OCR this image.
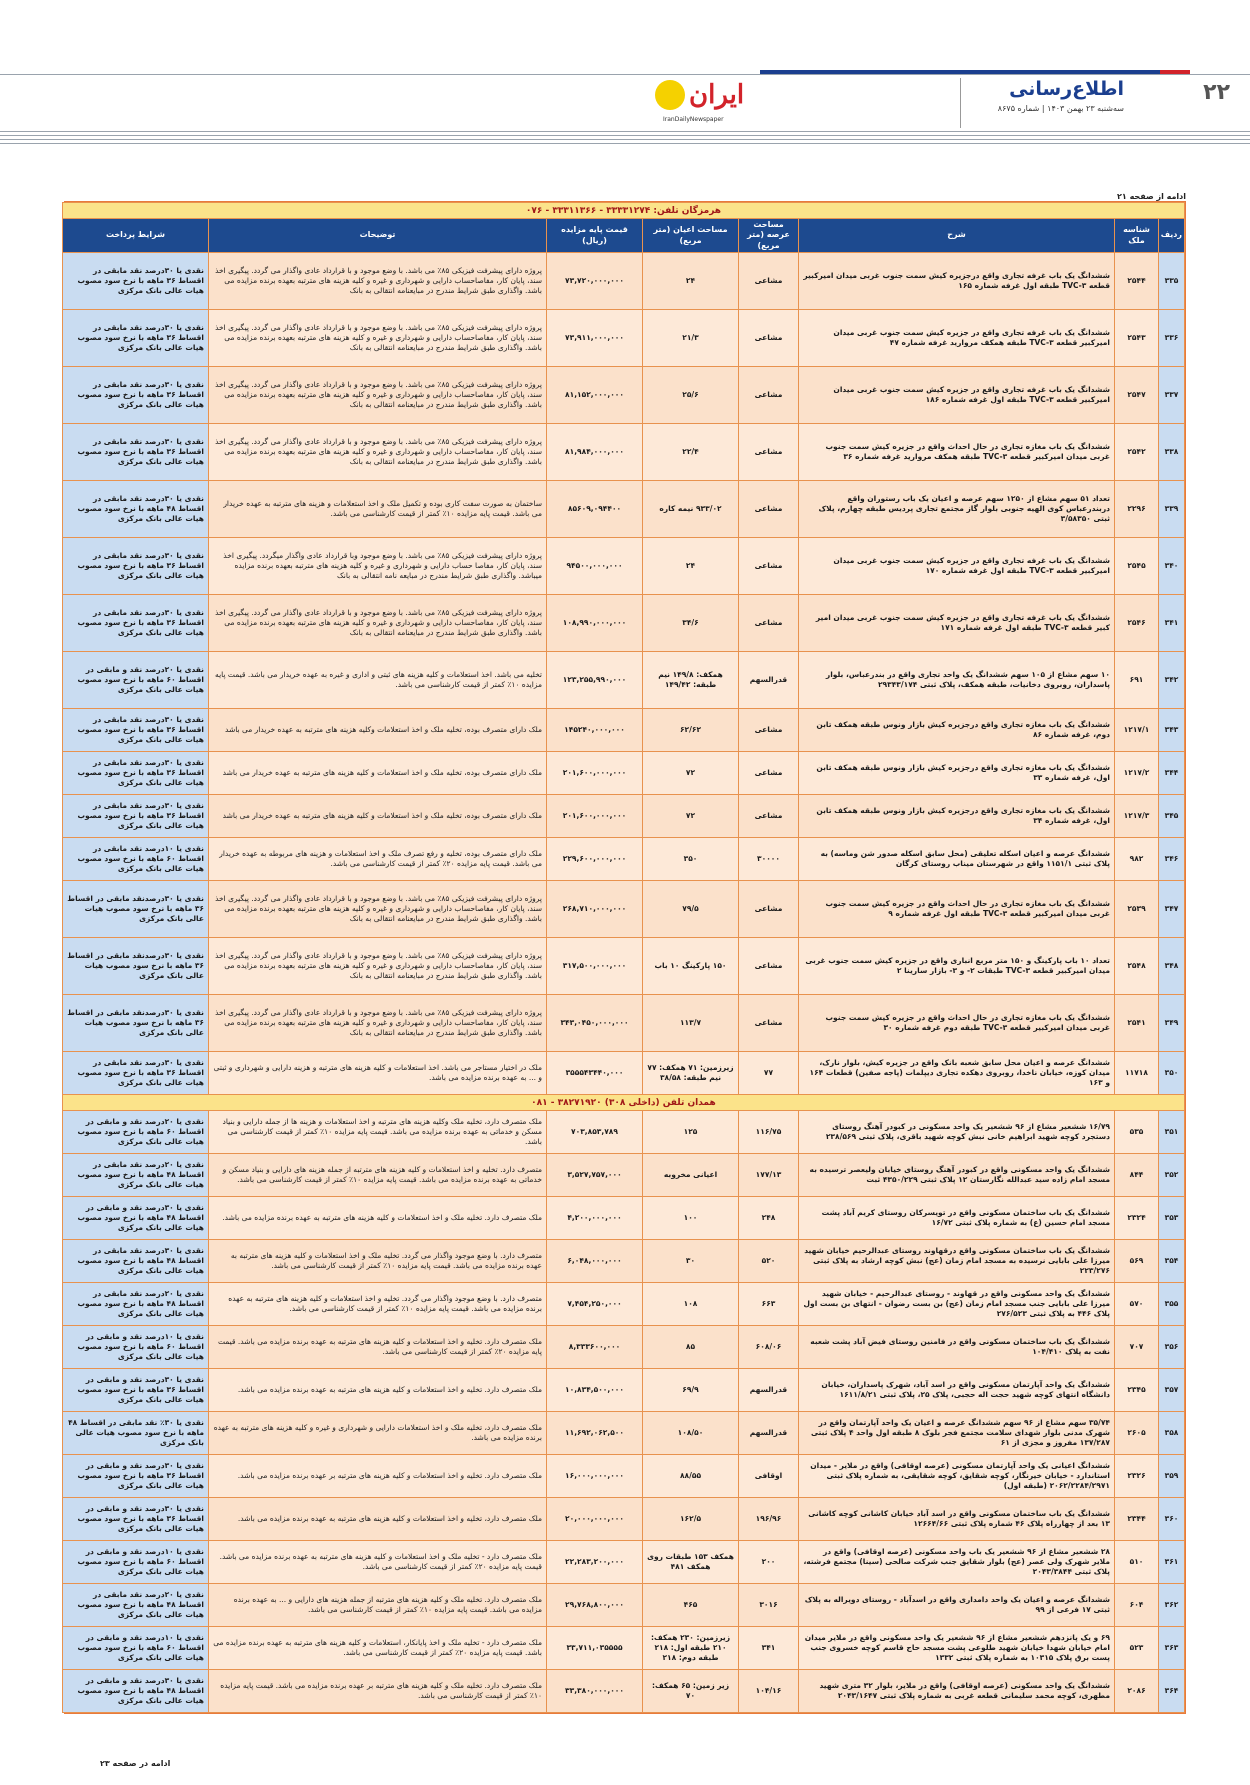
۲۲
اطلاع‌رسانی
سه‌شنبه ۲۳ بهمن ۱۴۰۳ | شماره ۸۶۷۵
ایران
IranDailyNewspaper
ادامه از صفحه ۲۱
هرمزگان تلفن: ۳۳۳۳۱۲۷۴ - ۳۳۳۱۱۳۶۶ - ۰۷۶							
ردیف	شناسه ملک	شرح	مساحت عرصه (متر مربع)	مساحت اعیان (متر مربع)	قیمت پایه مزایده (ریال)	توضیحات	شرایط پرداخت
۳۳۵	۲۵۴۴	ششدانگ یک باب غرفه تجاری واقع درجزیره کیش سمت جنوب غربی میدان امیرکبیر قطعه TVC-۳ طبقه اول غرفه شماره ۱۶۵	مشاعی	۲۴	۷۳,۷۲۰,۰۰۰,۰۰۰	پروژه دارای پیشرفت فیزیکی ۸۵٪ می باشد. با وضع موجود و با قرارداد عادی واگذار می گردد. پیگیری اخذ سند، پایان کار، مفاصاحساب دارایی و شهرداری و غیره و کلیه هزینه های مترتبه بعهده برنده مزایده می باشد. واگذاری طبق شرایط مندرج در مبایعنامه انتقالی به بانک	نقدی یا ۳۰درصد نقد مابقی در اقساط ۳۶ ماهه با نرخ سود مصوب هیات عالی بانک مرکزی
۳۳۶	۲۵۴۳	ششدانگ یک باب غرفه تجاری واقع در جزیره کیش سمت جنوب غربی میدان امیرکبیر قطعه TVC-۳ طبقه همکف مروارید غرفه شماره ۴۷	مشاعی	۲۱/۳	۷۳,۹۱۱,۰۰۰,۰۰۰	پروژه دارای پیشرفت فیزیکی ۸۵٪ می باشد. با وضع موجود و با قرارداد عادی واگذار می گردد. پیگیری اخذ سند، پایان کار، مفاصاحساب دارایی و شهرداری و غیره و کلیه هزینه های مترتبه بعهده برنده مزایده می باشد. واگذاری طبق شرایط مندرج در مبایعنامه انتقالی به بانک	نقدی یا ۳۰درصد نقد مابقی در اقساط ۳۶ ماهه با نرخ سود مصوب هیات عالی بانک مرکزی
۳۳۷	۲۵۴۷	ششدانگ یک باب غرفه تجاری واقع در جزیره کیش سمت جنوب غربی میدان امیرکبیر قطعه TVC-۳ طبقه اول غرفه شماره ۱۸۶	مشاعی	۲۵/۶	۸۱,۱۵۲,۰۰۰,۰۰۰	پروژه دارای پیشرفت فیزیکی ۸۵٪ می باشد. با وضع موجود و با قرارداد عادی واگذار می گردد. پیگیری اخذ سند، پایان کار، مفاصاحساب دارایی و شهرداری و غیره و کلیه هزینه های مترتبه بعهده برنده مزایده می باشد. واگذاری طبق شرایط مندرج در مبایعنامه انتقالی به بانک	نقدی یا ۳۰درصد نقد مابقی در اقساط ۳۶ ماهه با نرخ سود مصوب هیات عالی بانک مرکزی
۳۳۸	۲۵۴۲	ششدانگ یک باب مغازه تجاری در حال احداث واقع در جزیره کیش سمت جنوب غربی میدان امیرکبیر قطعه TVC-۳ طبقه همکف مروارید غرفه شماره ۳۶	مشاعی	۲۲/۴	۸۱,۹۸۴,۰۰۰,۰۰۰	پروژه دارای پیشرفت فیزیکی ۸۵٪ می باشد. با وضع موجود و با قرارداد عادی واگذار می گردد. پیگیری اخذ سند، پایان کار، مفاصاحساب دارایی و شهرداری و غیره و کلیه هزینه های مترتبه بعهده برنده مزایده می باشد. واگذاری طبق شرایط مندرج در مبایعنامه انتقالی به بانک	نقدی یا ۳۰درصد نقد مابقی در اقساط ۳۶ ماهه با نرخ سود مصوب هیات عالی بانک مرکزی
۳۳۹	۲۲۹۶	تعداد ۵۱ سهم مشاع از ۱۲۵۰ سهم عرصه و اعیان یک باب رستوران واقع دربندرعباس کوی الهیه جنوبی بلوار گاز مجتمع تجاری پردیس طبقه چهارم، پلاک ثبتی ۳/۵۸۳۵۰	مشاعی	۹۳۳/۰۲ نیمه کاره	۸۵۶۰۹,۰۹۴۴۰۰	ساختمان به صورت سفت کاری بوده و تکمیل ملک و اخذ استعلامات و هزینه های مترتبه به عهده خریدار می باشد. قیمت پایه مزایده ۱۰٪ کمتر از قیمت کارشناسی می باشد.	نقدی یا ۳۰درصد نقد مابقی در اقساط ۴۸ ماهه با نرخ سود مصوب هیات عالی بانک مرکزی
۳۴۰	۲۵۴۵	ششدانگ یک باب غرفه تجاری واقع در جزیره کیش سمت جنوب غربی میدان امیرکبیر قطعه TVC-۳ طبقه اول غرفه شماره ۱۷۰	مشاعی	۲۴	۹۴۵۰۰,۰۰۰,۰۰۰	پروژه دارای پیشرفت فیزیکی ۸۵٪ می باشد. با وضع موجود وبا قرارداد عادی واگذار میگردد. پیگیری اخذ سند، پایان کار، مفاصا حساب دارایی و شهرداری و غیره و کلیه هزینه های مترتبه بعهده برنده مزایده میباشد. واگذاری طبق شرایط مندرج در مبایعه نامه انتقالی به بانک	نقدی یا ۳۰درصد نقد مابقی در اقساط ۳۶ ماهه با نرخ سود مصوب هیات عالی بانک مرکزی
۳۴۱	۲۵۴۶	ششدانگ یک باب غرفه تجاری واقع در جزیره کیش سمت جنوب غربی میدان امیر کبیر قطعه TVC-۳ طبقه اول غرفه شماره ۱۷۱	مشاعی	۳۴/۶	۱۰۸,۹۹۰,۰۰۰,۰۰۰	پروژه دارای پیشرفت فیزیکی ۸۵٪ می باشد. با وضع موجود و با قرارداد عادی واگذار می گردد. پیگیری اخذ سند، پایان کار، مفاصاحساب دارایی و شهرداری و غیره و کلیه هزینه های مترتبه بعهده برنده مزایده می باشد. واگذاری طبق شرایط مندرج در مبایعنامه انتقالی به بانک	نقدی یا ۳۰درصد نقد مابقی در اقساط ۳۶ ماهه با نرخ سود مصوب هیات عالی بانک مرکزی
۳۴۲	۶۹۱	۱۰ سهم مشاع از ۱۰۵ سهم ششدانگ یک واحد تجاری واقع در بندرعباس، بلوار پاسداران، روبروی دخانیات، طبقه همکف، پلاک ثبتی ۲۹۳۴۳/۱۷۴	قدرالسهم	همکف: ۱۴۹/۸ نیم طبقه: ۱۴۹/۴۲	۱۲۳,۲۵۵,۹۹۰,۰۰۰	تخلیه می باشد. اخذ استعلامات و کلیه هزینه های ثبتی و اداری و غیره به عهده خریدار می باشد. قیمت پایه مزایده ۱۰٪ کمتر از قیمت کارشناسی می باشد.	نقدی یا ۲۰درصد نقد و مابقی در اقساط ۶۰ ماهه با نرخ سود مصوب هیات عالی بانک مرکزی
۳۴۳	۱۲۱۷/۱	ششدانگ یک باب مغازه تجاری واقع درجزیره کیش بازار ونوس طبقه همکف تابن دوم، غرفه شماره ۸۶	مشاعی	۶۲/۶۲	۱۴۵۲۴۰,۰۰۰,۰۰۰	ملک دارای متصرف بوده، تخلیه ملک و اخذ استعلامات وکلیه هزینه های مترتبه به عهده خریدار می باشد	نقدی یا ۳۰درصد نقد مابقی در اقساط ۳۶ ماهه با نرخ سود مصوب هیات عالی بانک مرکزی
۳۴۴	۱۲۱۷/۲	ششدانگ یک باب مغازه تجاری واقع درجزیره کیش بازار ونوس طبقه همکف تابن اول، غرفه شماره ۳۳	مشاعی	۷۲	۲۰۱,۶۰۰,۰۰۰,۰۰۰	ملک دارای متصرف بوده، تخلیه ملک و اخذ استعلامات و کلیه هزینه های مترتبه به عهده خریدار می باشد	نقدی یا ۳۰درصد نقد مابقی در اقساط ۳۶ ماهه با نرخ سود مصوب هیات عالی بانک مرکزی
۳۴۵	۱۲۱۷/۳	ششدانگ یک باب مغازه تجاری واقع درجزیره کیش بازار ونوس طبقه همکف تابن اول، غرفه شماره ۳۴	مشاعی	۷۲	۲۰۱,۶۰۰,۰۰۰,۰۰۰	ملک دارای متصرف بوده، تخلیه ملک و اخذ استعلامات و کلیه هزینه های مترتبه به عهده خریدار می باشد	نقدی یا ۳۰درصد نقد مابقی در اقساط ۳۶ ماهه با نرخ سود مصوب هیات عالی بانک مرکزی
۳۴۶	۹۸۲	ششدانگ عرصه و اعیان اسکله تعلیقی (محل سابق اسکله صدور شن وماسه) به پلاک ثبتی ۱۱۵۱/۱ واقع در شهرستان میناب روستای کرگان	۳۰۰۰۰	۳۵۰	۲۲۹,۶۰۰,۰۰۰,۰۰۰	ملک دارای متصرف بوده، تخلیه و رفع تصرف ملک و اخذ استعلامات و هزینه های مربوطه به عهده خریدار می باشد. قیمت پایه مزایده ۲۰٪ کمتر از قیمت کارشناسی می باشد.	نقدی یا ۱۰درصد نقد مابقی در اقساط ۶۰ ماهه با نرخ سود مصوب هیات عالی بانک مرکزی
۳۴۷	۲۵۳۹	ششدانگ یک باب مغازه تجاری در حال احداث واقع در جزیره کیش سمت جنوب غربی میدان امیرکبیر قطعه TVC-۳ طبقه اول غرفه شماره ۹	مشاعی	۷۹/۵	۲۶۸,۷۱۰,۰۰۰,۰۰۰	پروژه دارای پیشرفت فیزیکی ۸۵٪ می باشد. با وضع موجود و با قرارداد عادی واگذار می گردد. پیگیری اخذ سند، پایان کار، مفاصاحساب دارایی و شهرداری و غیره و کلیه هزینه های مترتبه بعهده برنده مزایده می باشد. واگذاری طبق شرایط مندرج در مبایعنامه انتقالی به بانک	نقدی یا ۳۰درصدنقد مابقی در اقساط ۳۶ ماهه با نرخ سود مصوب هیات عالی بانک مرکزی
۳۴۸	۲۵۴۸	تعداد ۱۰ باب پارکینگ و ۱۵۰ متر مربع انباری واقع در جزیره کیش سمت جنوب غربی میدان امیرکبیر قطعه TVC-۳ طبقات ۲- و ۳- بازار سارینا ۲	مشاعی	۱۵۰ پارکینگ ۱۰ باب	۳۱۷,۵۰۰,۰۰۰,۰۰۰	پروژه دارای پیشرفت فیزیکی ۸۵٪ می باشد. با وضع موجود و با قرارداد عادی واگذار می گردد. پیگیری اخذ سند، پایان کار، مفاصاحساب دارایی و شهرداری و غیره و کلیه هزینه های مترتبه بعهده برنده مزایده می باشد. واگذاری طبق شرایط مندرج در مبایعنامه انتقالی به بانک	نقدی یا ۳۰درصدنقد مابقی در اقساط ۳۶ ماهه با نرخ سود مصوب هیات عالی بانک مرکزی
۳۴۹	۲۵۴۱	ششدانگ یک باب مغازه تجاری در حال احداث واقع در جزیره کیش سمت جنوب غربی میدان امیرکبیر قطعه TVC-۳ طبقه دوم غرفه شماره ۳۰	مشاعی	۱۱۳/۷	۳۴۳,۰۴۵۰,۰۰۰,۰۰۰	پروژه دارای پیشرفت فیزیکی ۸۵٪ می باشد. با وضع موجود و با قرارداد عادی واگذار می گردد. پیگیری اخذ سند، پایان کار، مفاصاحساب دارایی و شهرداری و غیره و کلیه هزینه های مترتبه بعهده برنده مزایده می باشد. واگذاری طبق شرایط مندرج در مبایعنامه انتقالی به بانک	نقدی یا ۳۰درصدنقد مابقی در اقساط ۳۶ ماهه با نرخ سود مصوب هیات عالی بانک مرکزی
۳۵۰	۱۱۷۱۸	ششدانگ عرصه و اعیان محل سابق شعبه بانک واقع در جزیره کیش، بلوار نارک، میدان کوزه، خیابان ناخدا، روبروی دهکده تجاری دیپلمات (پاجه صفین) قطعات ۱۶۴ و ۱۶۳	۷۷	زیرزمین: ۷۱ همکف: ۷۷ نیم طبقه: ۳۸/۵۸	۳۵۵۵۴۳۴۴۰,۰۰۰	ملک در اختیار مستاجر می باشد. اخذ استعلامات و کلیه هزینه های مترتبه و هزینه دارایی و شهرداری و ثبتی و ... به عهده برنده مزایده می باشد.	نقدی یا ۳۰درصد نقد مابقی در اقساط ۳۶ ماهه با نرخ سود مصوب هیات عالی بانک مرکزی
همدان تلفن (داخلی ۳۰۸) ۳۸۲۷۱۹۲۰ - ۰۸۱							
۳۵۱	۵۳۵	۱۶/۷۹ ششعیر مشاع از ۹۶ ششعیر یک واحد مسکونی در کبودر آهنگ روستای دستجرد کوچه شهید ابراهیم خانی نبش کوچه شهید باقری، پلاک ثبتی ۲۳۸/۵۶۹	۱۱۶/۷۵	۱۲۵	۷۰۳,۸۵۳,۷۸۹	ملک متصرف دارد، تخلیه ملک وکلیه هزینه های مترتبه و اخذ استعلامات و هزینه ها از جمله دارایی و بنیاد مسکن و خدماتی به عهده برنده مزایده می باشد. قیمت پایه مزایده ۱۰٪ کمتر از قیمت کارشناسی می باشد.	نقدی یا ۲۰درصد نقد و مابقی در اقساط ۶۰ ماهه با نرخ سود مصوب هیات عالی بانک مرکزی
۳۵۲	۸۴۴	ششدانگ یک واحد مسکونی واقع در کبودر آهنگ روستای خیابان ولیعصر ترسیده به مسجد امام زاده سید عبدالله نگارستان ۱۲ پلاک ثبتی ۴۳۵۰/۲۲۹ ثبت	۱۷۷/۱۳	اعیانی مخروبه	۳,۵۲۷,۷۵۷,۰۰۰	متصرف دارد. تخلیه و اخذ استعلامات و کلیه هزینه های مترتبه از جمله هزینه های دارایی و بنیاد مسکن و خدماتی به عهده برنده مزایده می باشد. قیمت پایه مزایده ۱۰٪ کمتر از قیمت کارشناسی می باشد.	نقدی یا ۲۰درصد نقد مابقی در اقساط ۴۸ ماهه با نرخ سود مصوب هیات عالی بانک مرکزی
۳۵۳	۲۳۲۴	ششدانگ یک باب ساختمان مسکونی واقع در تویسرکان روستای کریم آباد پشت مسجد امام حسین (ع) به شماره پلاک ثبتی ۱۶/۷۲	۲۴۸	۱۰۰	۴,۲۰۰,۰۰۰,۰۰۰	ملک متصرف دارد. تخلیه ملک و اخذ استعلامات و کلیه هزینه های مترتبه به عهده برنده مزایده می باشد.	نقدی یا ۳۰درصد نقد و مابقی در اقساط ۴۸ ماهه با نرخ سود مصوب هیات عالی بانک مرکزی
۳۵۴	۵۶۹	ششدانگ یک باب ساختمان مسکونی واقع درقهاوند روستای عبدالرحیم خیابان شهید میرزا علی بابایی نرسیده به مسجد امام زمان (عج) نبش کوچه ارشاد به پلاک ثبتی ۲۲۳/۲۷۶	۵۲۰	۳۰	۶,۰۴۸,۰۰۰,۰۰۰	متصرف دارد. با وضع موجود واگذار می گردد. تخلیه ملک و اخذ استعلامات و کلیه هزینه های مترتبه به عهده برنده مزایده می باشد. قیمت پایه مزایده ۱۰٪ کمتر از قیمت کارشناسی می باشد.	نقدی یا ۳۰درصد نقد مابقی در اقساط ۴۸ ماهه با نرخ سود مصوب هیات عالی بانک مرکزی
۳۵۵	۵۷۰	ششدانگ یک واحد مسکونی واقع در قهاوند - روستای عبدالرحیم - خیابان شهید میرزا علی بابایی جنب مسجد امام زمان (عج) بن بست رضوان - انتهای بن بست اول پلاک ۴۴۶ به پلاک ثبتی ۲۷۶/۵۲۳	۶۶۳	۱۰۸	۷,۴۵۴,۲۵۰,۰۰۰	متصرف دارد. با وضع موجود واگذار می گردد. تخلیه و اخذ استعلامات و کلیه هزینه های مترتبه به عهده برنده مزایده می باشد. قیمت پایه مزایده ۱۰٪ کمتر از قیمت کارشناسی می باشد.	نقدی یا ۲۰درصد نقد مابقی در اقساط ۴۸ ماهه با نرخ سود مصوب هیات عالی بانک مرکزی
۳۵۶	۷۰۷	ششدانگ یک باب ساختمان مسکونی واقع در فامنین روستای فیض آباد پشت شعبه نفت به پلاک ۱۰۴/۴۱۰	۶۰۸/۰۶	۸۵	۸,۳۳۳۶۰۰,۰۰۰	ملک متصرف دارد. تخلیه و اخذ استعلامات و کلیه هزینه های مترتبه به عهده برنده مزایده می باشد. قیمت پایه مزایده ۲۰٪ کمتر از قیمت کارشناسی می باشد.	نقدی یا ۱۰درصد نقد و مابقی در اقساط ۶۰ ماهه با نرخ سود مصوب هیات عالی بانک مرکزی
۳۵۷	۲۳۴۵	ششدانگ یک واحد آپارتمان مسکونی واقع در اسد آباد، شهرک پاسداران، خیابان دانشگاه انتهای کوچه شهید حجت اله حجبی، پلاک ۲۵، پلاک ثبتی ۱۶۱۱/۸/۲۱	قدرالسهم	۶۹/۹	۱۰,۸۳۴,۵۰۰,۰۰۰	ملک متصرف دارد. تخلیه و اخذ استعلامات و کلیه هزینه های مترتبه به عهده برنده مزایده می باشد.	نقدی یا ۳۰درصد نقد و مابقی در اقساط ۳۶ ماهه با نرخ سود مصوب هیات عالی بانک مرکزی
۳۵۸	۲۶۰۵	۳۵/۷۴ سهم مشاع از ۹۶ سهم ششدانگ عرصه و اعیان یک واحد آپارتمان واقع در شهرک مدنی بلوار شهدای سلامت مجتمع فجر بلوک ۸ طبقه اول واحد ۴ پلاک ثبتی ۱۳۷/۲۸۷ مفروز و مجزی از ۶۱	قدرالسهم	۱۰۸/۵۰	۱۱,۶۹۲,۰۶۲,۵۰۰	ملک متصرف دارد، تخلیه ملک و اخذ استعلامات دارایی و شهرداری و غیره و کلیه هزینه های مترتبه به عهده برنده مزایده می باشد.	نقدی یا ۳۰٪ نقد مابقی در اقساط ۴۸ ماهه با نرخ سود مصوب هیات عالی بانک مرکزی
۳۵۹	۲۳۲۶	ششدانگ اعیانی یک واحد آپارتمان مسکونی (عرصه اوقافی) واقع در ملایر - میدان استاندارد - خیابان خیرنگار، کوچه شقایق، کوچه شقایقی، به شماره پلاک ثبتی ۲۰۶۲/۲۲۸۴/۲۹۷۱ (طبقه اول)	اوقافی	۸۸/۵۵	۱۶,۰۰۰,۰۰۰,۰۰۰	ملک متصرف دارد. تخلیه و اخذ استعلامات و کلیه هزینه های مترتبه بر عهده برنده مزایده می باشد.	نقدی یا ۳۰درصد نقد و مابقی در اقساط ۳۶ ماهه با نرخ سود مصوب هیات عالی بانک مرکزی
۳۶۰	۲۳۴۴	ششدانگ یک باب ساختمان مسکونی واقع در اسد آباد خیابان کاشانی کوچه کاشانی ۱۳ بعد از چهارراه پلاک ۴۶ شماره پلاک ثبتی ۱۲۶۶۴/۶۶	۱۹۶/۹۶	۱۶۲/۵	۲۰,۰۰۰,۰۰۰,۰۰۰	ملک متصرف دارد، تخلیه و اخذ استعلامات و کلیه هزینه های مترتبه به عهده برنده مزایده می باشد.	نقدی یا ۳۰درصد نقد و مابقی در اقساط ۳۶ ماهه با نرخ سود مصوب هیات عالی بانک مرکزی
۳۶۱	۵۱۰	۲۸ ششعیر مشاع از ۹۶ ششعیر یک باب واحد مسکونی (عرصه اوقافی) واقع در ملایر شهرک ولی عصر (عج) بلوار شقایق جنب شرکت صالحی (سینا) مجتمع فرشته، پلاک ثبتی ۲۰۴۳/۳۸۴۴	۲۰۰	همکف ۱۵۳ طبقات روی همکف ۴۸۱	۲۲,۲۸۳,۲۰۰,۰۰۰	ملک متصرف دارد - تخلیه ملک و اخذ استعلامات و کلیه هزینه های مترتبه به عهده برنده مزایده می باشد. قیمت پایه مزایده ۲۰٪ کمتر از قیمت کارشناسی می باشد.	نقدی یا ۱۰درصد نقد و مابقی در اقساط ۶۰ ماهه با نرخ سود مصوب هیات عالی بانک مرکزی
۳۶۲	۶۰۴	ششدانگ عرصه و اعیان یک واحد دامداری واقع در اسدآباد - روستای دویراله به پلاک ثبتی ۱۷ فرعی از ۹۹	۳۰۱۶	۴۶۵	۲۹,۷۶۸,۸۰۰,۰۰۰	ملک متصرف دارد. تخلیه ملک و کلیه هزینه های مترتبه از جمله هزینه های دارایی و ... به عهده برنده مزایده می باشد. قیمت پایه مزایده ۱۰٪ کمتر از قیمت کارشناسی می باشد.	نقدی یا ۲۰درصد نقد مابقی در اقساط ۴۸ ماهه با نرخ سود مصوب هیات عالی بانک مرکزی
۳۶۳	۵۲۳	۶۹ و یک پانزدهم ششعیر مشاع از ۹۶ ششعیر یک واحد مسکونی واقع در ملایر میدان امام خیابان شهدا خیابان شهید طلوعی پشت مسجد حاج قاسم کوچه خسروی جنب پست برق پلاک ۱۰۳۱۵ به شماره پلاک ثبتی ۱۳۳۲	۳۴۱	زیرزمین: ۲۳۰ همکف: ۲۱۰ طبقه اول: ۲۱۸ طبقه دوم: ۲۱۸	۳۳,۷۱۱,۰۳۵۵۵۵	ملک متصرف دارد - تخلیه ملک و اخذ پایانکار، استعلامات و کلیه هزینه های مترتبه به عهده برنده مزایده می باشد. قیمت پایه مزایده ۲۰٪ کمتر از قیمت کارشناسی می باشد.	نقدی یا ۱۰درصد نقد و مابقی در اقساط ۶۰ ماهه با نرخ سود مصوب هیات عالی بانک مرکزی
۳۶۴	۲۰۸۶	ششدانگ یک واحد مسکونی (عرصه اوقافی) واقع در ملایر، بلوار ۳۲ متری شهید مطهری، کوچه محمد سلیمانی قطعه غربی به شماره پلاک ثبتی ۲۰۴۳/۱۶۴۷	۱۰۴/۱۶	زیر زمین: ۶۵ همکف: ۷۰	۳۳,۳۸۰,۰۰۰,۰۰۰	ملک متصرف دارد. تخلیه ملک و کلیه هزینه های مترتبه بر عهده برنده مزایده می باشد. قیمت پایه مزایده ۱۰٪ کمتر از قیمت کارشناسی می باشد.	نقدی یا ۳۰درصد نقد و مابقی در اقساط ۴۸ ماهه با نرخ سود مصوب هیات عالی بانک مرکزی
ادامه در صفحه ۲۳
